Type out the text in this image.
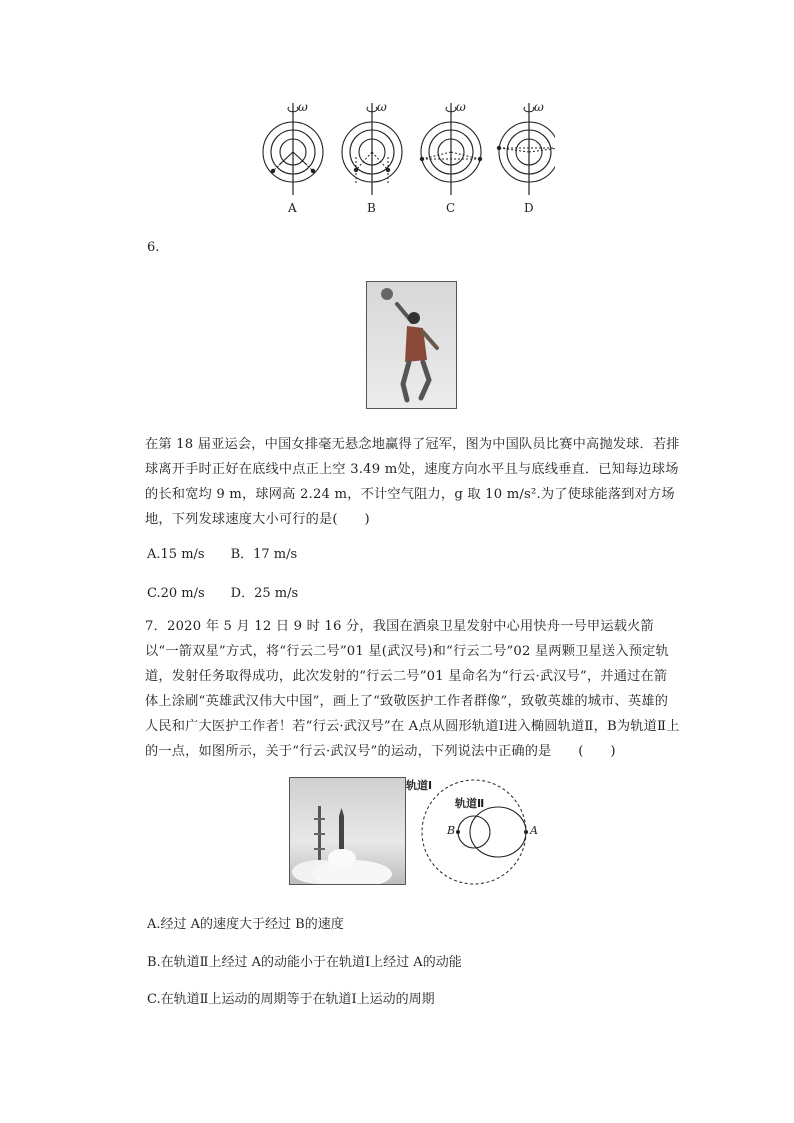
ω	ω	ω	ω
A	B	C	D
6.
在第 18 届亚运会，中国女排毫无悬念地赢得了冠军，图为中国队员比赛中高抛发球．若排球离开手时正好在底线中点正上空 3.49 m处，速度方向水平且与底线垂直．已知每边球场的长和宽均 9 m，球网高 2.24 m，不计空气阻力，g 取 10 m/s².为了使球能落到对方场地，下列发球速度大小可行的是(　　)
A.15 m/s　　B．17 m/s
C.20 m/s　　D．25 m/s
7．2020 年 5 月 12 日 9 时 16 分，我国在酒泉卫星发射中心用快舟一号甲运载火箭以“一箭双星”方式，将“行云二号”01 星(武汉号)和“行云二号”02 星两颗卫星送入预定轨道，发射任务取得成功，此次发射的“行云二号”01 星命名为“行云·武汉号”，并通过在箭体上涂刷“英雄武汉伟大中国”，画上了“致敬医护工作者群像”，致敬英雄的城市、英雄的人民和广大医护工作者！若“行云·武汉号”在 A点从圆形轨道Ⅰ进入椭圆轨道Ⅱ，B为轨道Ⅱ上的一点，如图所示，关于“行云·武汉号”的运动，下列说法中正确的是　　(　　)
轨道Ⅰ
轨道Ⅱ
B	A
A.经过 A的速度大于经过 B的速度
B.在轨道Ⅱ上经过 A的动能小于在轨道Ⅰ上经过 A的动能
C.在轨道Ⅱ上运动的周期等于在轨道Ⅰ上运动的周期
